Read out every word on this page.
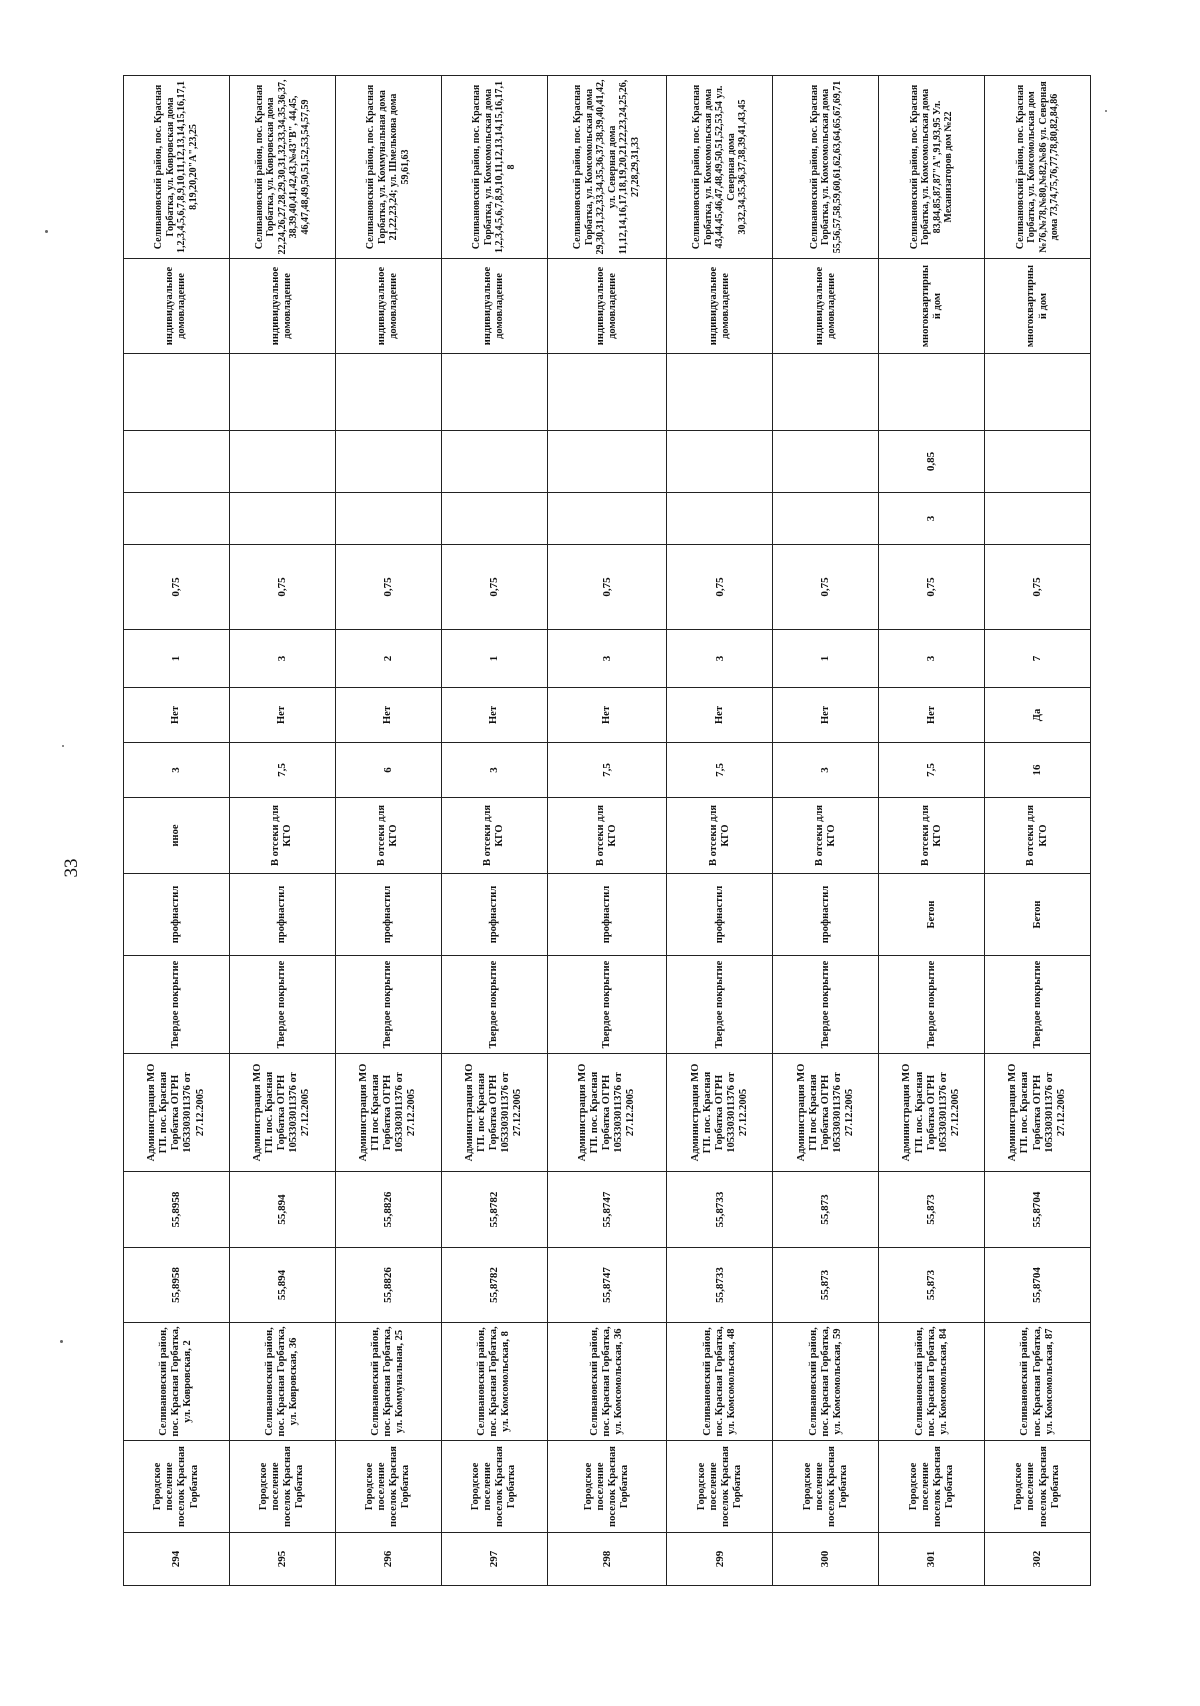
33
294	Городское поселение поселок Красная Горбатка	Селивановский район, пос. Красная Горбатка, ул. Ковровская, 2	55,8958	55,8958	Администрация МО ГП. пос. Красная Горбатка ОГРН 1053303011376 от 27.12.2005	Твердое покрытие	профнастил	иное	3	Нет	1	0,75				индивидуальное домовладение	Селивановский район, пос. Красная Горбатка, ул. Ковровская дома 1,2,3,4,5,6,7,8,9,10,11,12,13,14,15,16,17,18,19,20,20"А",23,25
295	Городское поселение поселок Красная Горбатка	Селивановский район, пос. Красная Горбатка, ул. Ковровская, 36	55,894	55,894	Администрация МО ГП. пос. Красная Горбатка ОГРН 1053303011376 от 27.12.2005	Твердое покрытие	профнастил	В отсеки для КГО	7,5	Нет	3	0,75				индивидуальное домовладение	Селивановский район, пос. Красная Горбатка, ул. Ковровская дома 22,24,26,27,28,29,30,31,32,33,34,35,36,37,38,39,40,41,42,43,№43"В", 44,45, 46,47,48,49,50,51,52,53,54,57,59
296	Городское поселение поселок Красная Горбатка	Селивановский район, пос. Красная Горбатка, ул. Коммунальная, 25	55,8826	55,8826	Администрация МО ГП пос Красная Горбатка ОГРН 1053303011376 от 27.12.2005	Твердое покрытие	профнастил	В отсеки для КГО	6	Нет	2	0,75				индивидуальное домовладение	Селивановский район, пос. Красная Горбатка, ул. Коммунальная дома 21,22,23,24; ул. Шмелькова дома 59,61,63
297	Городское поселение поселок Красная Горбатка	Селивановский район, пос. Красная Горбатка, ул. Комсомольская, 8	55,8782	55,8782	Администрация МО ГП. пос Красная Горбатка ОГРН 1053303011376 от 27.12.2005	Твердое покрытие	профнастил	В отсеки для КГО	3	Нет	1	0,75				индивидуальное домовладение	Селивановский район, пос. Красная Горбатка, ул. Комсомольская дома 1,2,3,4,5,6,7,8,9,10,11,12,13,14,15,16,17,18
298	Городское поселение поселок Красная Горбатка	Селивановский район, пос. Красная Горбатка, ул. Комсомольская, 36	55,8747	55,8747	Администрация МО ГП. пос. Красная Горбатка ОГРН 1053303011376 от 27.12.2005	Твердое покрытие	профнастил	В отсеки для КГО	7,5	Нет	3	0,75				индивидуальное домовладение	Селивановский район, пос. Красная Горбатка, ул. Комсомольская дома 29,30,31,32,33,34,35,36,37,38,39,40,41,42, ул. Северная дома 11,12,14,16,17,18,19,20,21,22,23,24,25,26,27,28,29,31,33
299	Городское поселение поселок Красная Горбатка	Селивановский район, пос. Красная Горбатка, ул. Комсомольская, 48	55,8733	55,8733	Администрация МО ГП. пос. Красная Горбатка ОГРН 1053303011376 от 27.12.2005	Твердое покрытие	профнастил	В отсеки для КГО	7,5	Нет	3	0,75				индивидуальное домовладение	Селивановский район, пос. Красная Горбатка, ул. Комсомольская дома 43,44,45,46,47,48,49,50,51,52,53,54 ул. Северная дома 30,32,34,35,36,37,38,39,41,43,45
300	Городское поселение поселок Красная Горбатка	Селивановский район, пос. Красная Горбатка, ул. Комсомольская, 59	55,873	55,873	Администрация МО ГП пос Красная Горбатка ОГРН 1053303011376 от 27.12.2005	Твердое покрытие	профнастил	В отсеки для КГО	3	Нет	1	0,75				индивидуальное домовладение	Селивановский район, пос. Красная Горбатка, ул. Комсомольская дома 55,56,57,58,59,60,61,62,63,64,65,67,69,71
301	Городское поселение поселок Красная Горбатка	Селивановский район, пос. Красная Горбатка, ул. Комсомольская, 84	55,873	55,873	Администрация МО ГП. пос. Красная Горбатка ОГРН 1053303011376 от 27.12.2005	Твердое покрытие	Бетон	В отсеки для КГО	7,5	Нет	3	0,75	3	0,85		многоквартирный дом	Селивановский район, пос. Красная Горбатка, ул. Комсомольская дома 83,84,85,87,87"А",91,93,95 Ул. Механизаторов дом №22
302	Городское поселение поселок Красная Горбатка	Селивановский район, пос. Красная Горбатка, ул. Комсомольская, 87	55,8704	55,8704	Администрация МО ГП. пос. Красная Горбатка ОГРН 1053303011376 от 27.12.2005	Твердое покрытие	Бетон	В отсеки для КГО	16	Да	7	0,75				многоквартирный дом	Селивановский район, пос. Красная Горбатка, ул. Комсомольская дом №76,№78,№80,№82,№86 ул. Северная дома 73,74,75,76,77,78,80,82,84,86
